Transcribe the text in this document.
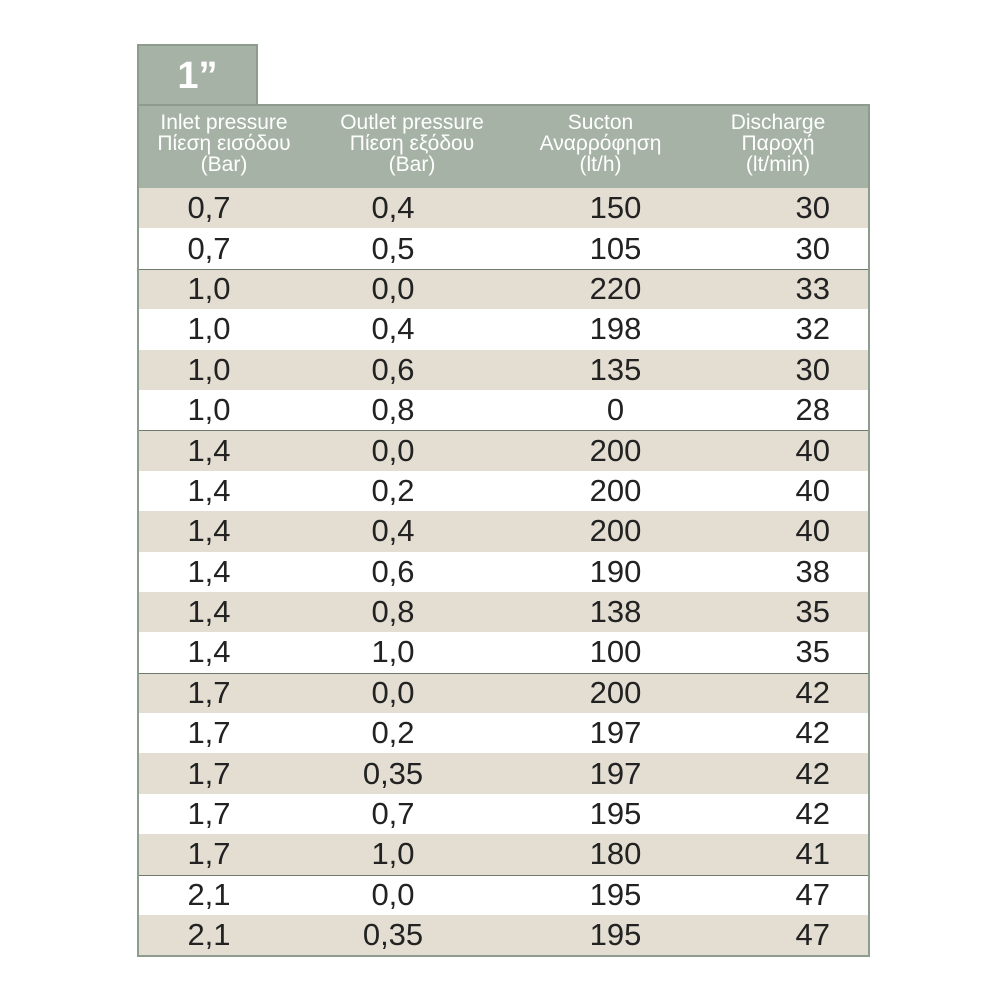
1”
Inlet pressure
Πίεση εισόδου
(Bar)
Outlet pressure
Πίεση εξόδου
(Bar)
Sucton
Αναρρόφηση
(lt/h)
Discharge
Παροχή
(lt/min)
0,7	0,4	150	30
0,7	0,5	105	30
1,0	0,0	220	33
1,0	0,4	198	32
1,0	0,6	135	30
1,0	0,8	0	28
1,4	0,0	200	40
1,4	0,2	200	40
1,4	0,4	200	40
1,4	0,6	190	38
1,4	0,8	138	35
1,4	1,0	100	35
1,7	0,0	200	42
1,7	0,2	197	42
1,7	0,35	197	42
1,7	0,7	195	42
1,7	1,0	180	41
2,1	0,0	195	47
2,1	0,35	195	47
